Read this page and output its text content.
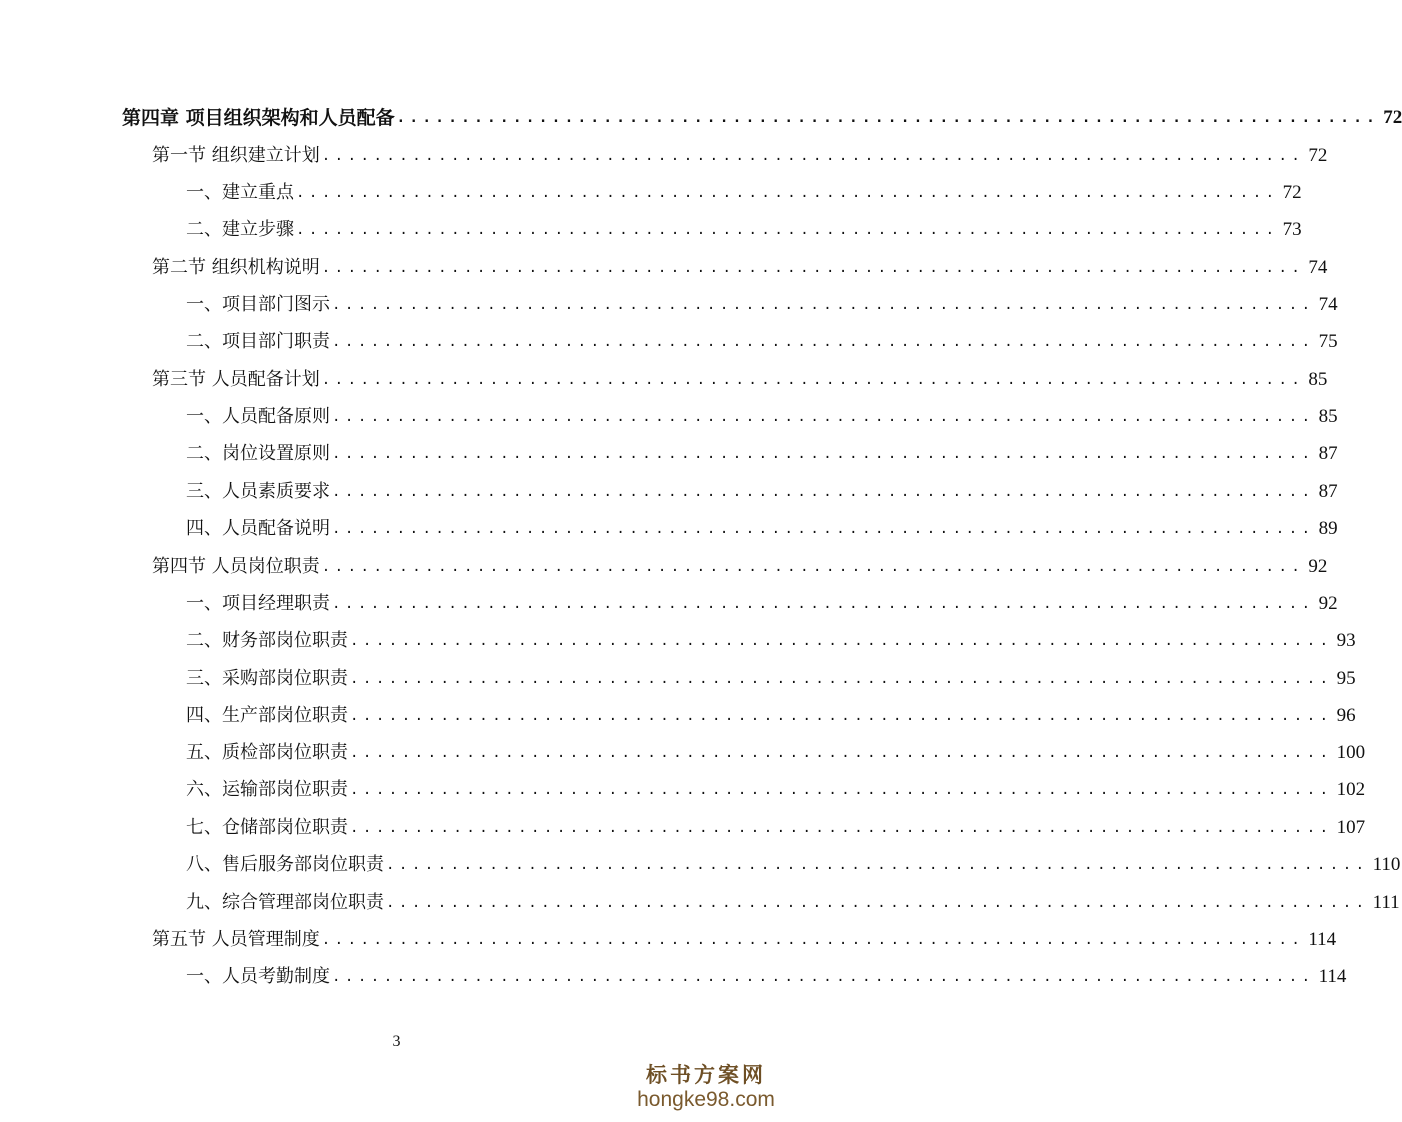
第四章 项目组织架构和人员配备 ............................................................................ 72
第一节 组织建立计划 ............................................................................ 72
一、建立重点 ............................................................................ 72
二、建立步骤 ............................................................................ 73
第二节 组织机构说明 ............................................................................ 74
一、项目部门图示 ............................................................................ 74
二、项目部门职责 ............................................................................ 75
第三节 人员配备计划 ............................................................................ 85
一、人员配备原则 ............................................................................ 85
二、岗位设置原则 ............................................................................ 87
三、人员素质要求 ............................................................................ 87
四、人员配备说明 ............................................................................ 89
第四节 人员岗位职责 ............................................................................ 92
一、项目经理职责 ............................................................................ 92
二、财务部岗位职责 ............................................................................ 93
三、采购部岗位职责 ............................................................................ 95
四、生产部岗位职责 ............................................................................ 96
五、质检部岗位职责 ............................................................................ 100
六、运输部岗位职责 ............................................................................ 102
七、仓储部岗位职责 ............................................................................ 107
八、售后服务部岗位职责 ............................................................................ 110
九、综合管理部岗位职责 ............................................................................ 111
第五节 人员管理制度 ............................................................................ 114
一、人员考勤制度 ............................................................................ 114
3
标书方案网
hongke98.com
